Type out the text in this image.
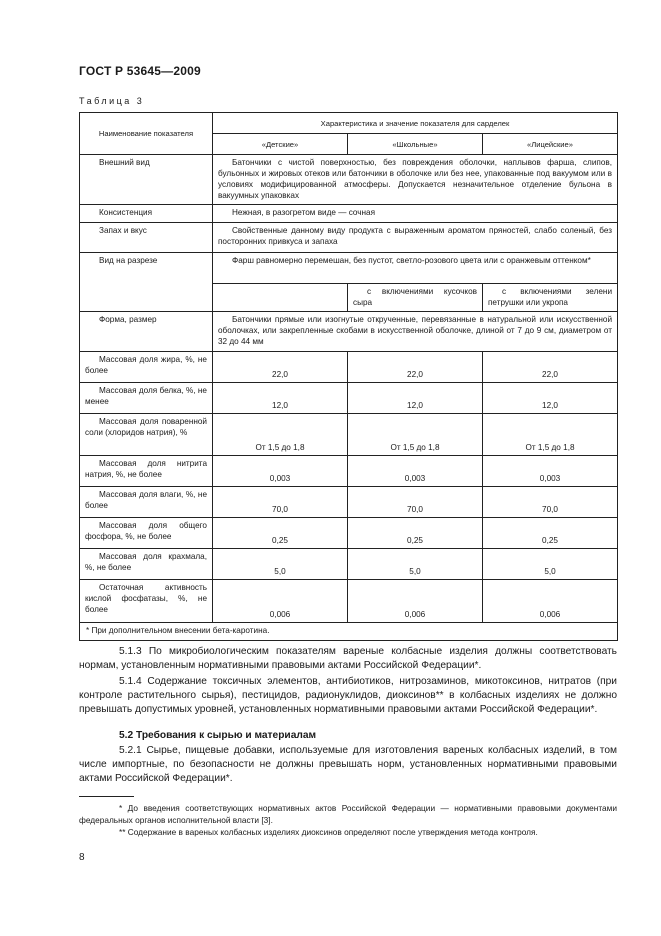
ГОСТ Р 53645—2009
Таблица 3
Наименование показателя	Характеристика и значение показателя для сарделек		
	«Детские»	«Школьные»	«Лицейские»
Внешний вид	Батончики с чистой поверхностью, без повреждения оболочки, наплывов фарша, слипов, бульонных и жировых отеков или батончики в оболочке или без нее, упакованные под вакуумом или в условиях модифицированной атмосферы. Допускается незначительное отделение бульона в вакуумных упаковках		
Консистенция	Нежная, в разогретом виде — сочная		
Запах и вкус	Свойственные данному виду продукта с выраженным ароматом пряностей, слабо соленый, без посторонних привкуса и запаха		
Вид на разрезе	Фарш равномерно перемешан, без пустот, светло-розового цвета или с оранжевым оттенком*		
		с включениями кусочков сыра	с включениями зелени петрушки или укропа
Форма, размер	Батончики прямые или изогнутые открученные, перевязанные в натуральной или искусственной оболочках, или закрепленные скобами в искусственной оболочке, длиной от 7 до 9 см, диаметром от 32 до 44 мм		
Массовая доля жира, %, не более	22,0	22,0	22,0
Массовая доля белка, %, не менее	12,0	12,0	12,0
Массовая доля поваренной соли (хлоридов натрия), %	От 1,5 до 1,8	От 1,5 до 1,8	От 1,5 до 1,8
Массовая доля нитрита натрия, %, не более	0,003	0,003	0,003
Массовая доля влаги, %, не более	70,0	70,0	70,0
Массовая доля общего фосфора, %, не более	0,25	0,25	0,25
Массовая доля крахмала, %, не более	5,0	5,0	5,0
Остаточная активность кислой фосфатазы, %, не более	0,006	0,006	0,006
* При дополнительном внесении бета-каротина.			
5.1.3 По микробиологическим показателям вареные колбасные изделия должны соответствовать нормам, установленным нормативными правовыми актами Российской Федерации*.
5.1.4 Содержание токсичных элементов, антибиотиков, нитрозаминов, микотоксинов, нитратов (при контроле растительного сырья), пестицидов, радионуклидов, диоксинов** в колбасных изделиях не должно превышать допустимых уровней, установленных нормативными правовыми актами Российской Федерации*.
5.2 Требования к сырью и материалам
5.2.1 Сырье, пищевые добавки, используемые для изготовления вареных колбасных изделий, в том числе импортные, по безопасности не должны превышать норм, установленных нормативными правовыми актами Российской Федерации*.
* До введения соответствующих нормативных актов Российской Федерации — нормативными правовыми документами федеральных органов исполнительной власти [3].
** Содержание в вареных колбасных изделиях диоксинов определяют после утверждения метода контроля.
8
